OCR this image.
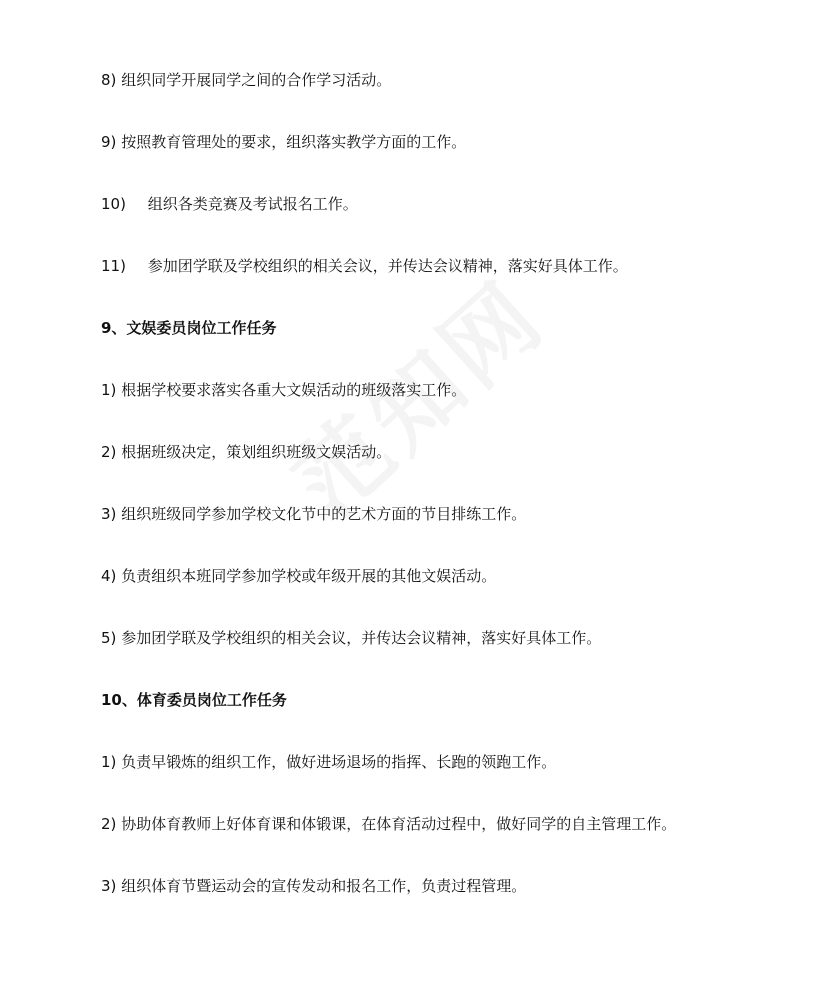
8) 组织同学开展同学之间的合作学习活动。
9) 按照教育管理处的要求，组织落实教学方面的工作。
10) 组织各类竞赛及考试报名工作。
11) 参加团学联及学校组织的相关会议，并传达会议精神，落实好具体工作。
9、文娱委员岗位工作任务
1) 根据学校要求落实各重大文娱活动的班级落实工作。
2) 根据班级决定，策划组织班级文娱活动。
3) 组织班级同学参加学校文化节中的艺术方面的节目排练工作。
4) 负责组织本班同学参加学校或年级开展的其他文娱活动。
5) 参加团学联及学校组织的相关会议，并传达会议精神，落实好具体工作。
10、体育委员岗位工作任务
1) 负责早锻炼的组织工作，做好进场退场的指挥、长跑的领跑工作。
2) 协助体育教师上好体育课和体锻课，在体育活动过程中，做好同学的自主管理工作。
3) 组织体育节暨运动会的宣传发动和报名工作，负责过程管理。
